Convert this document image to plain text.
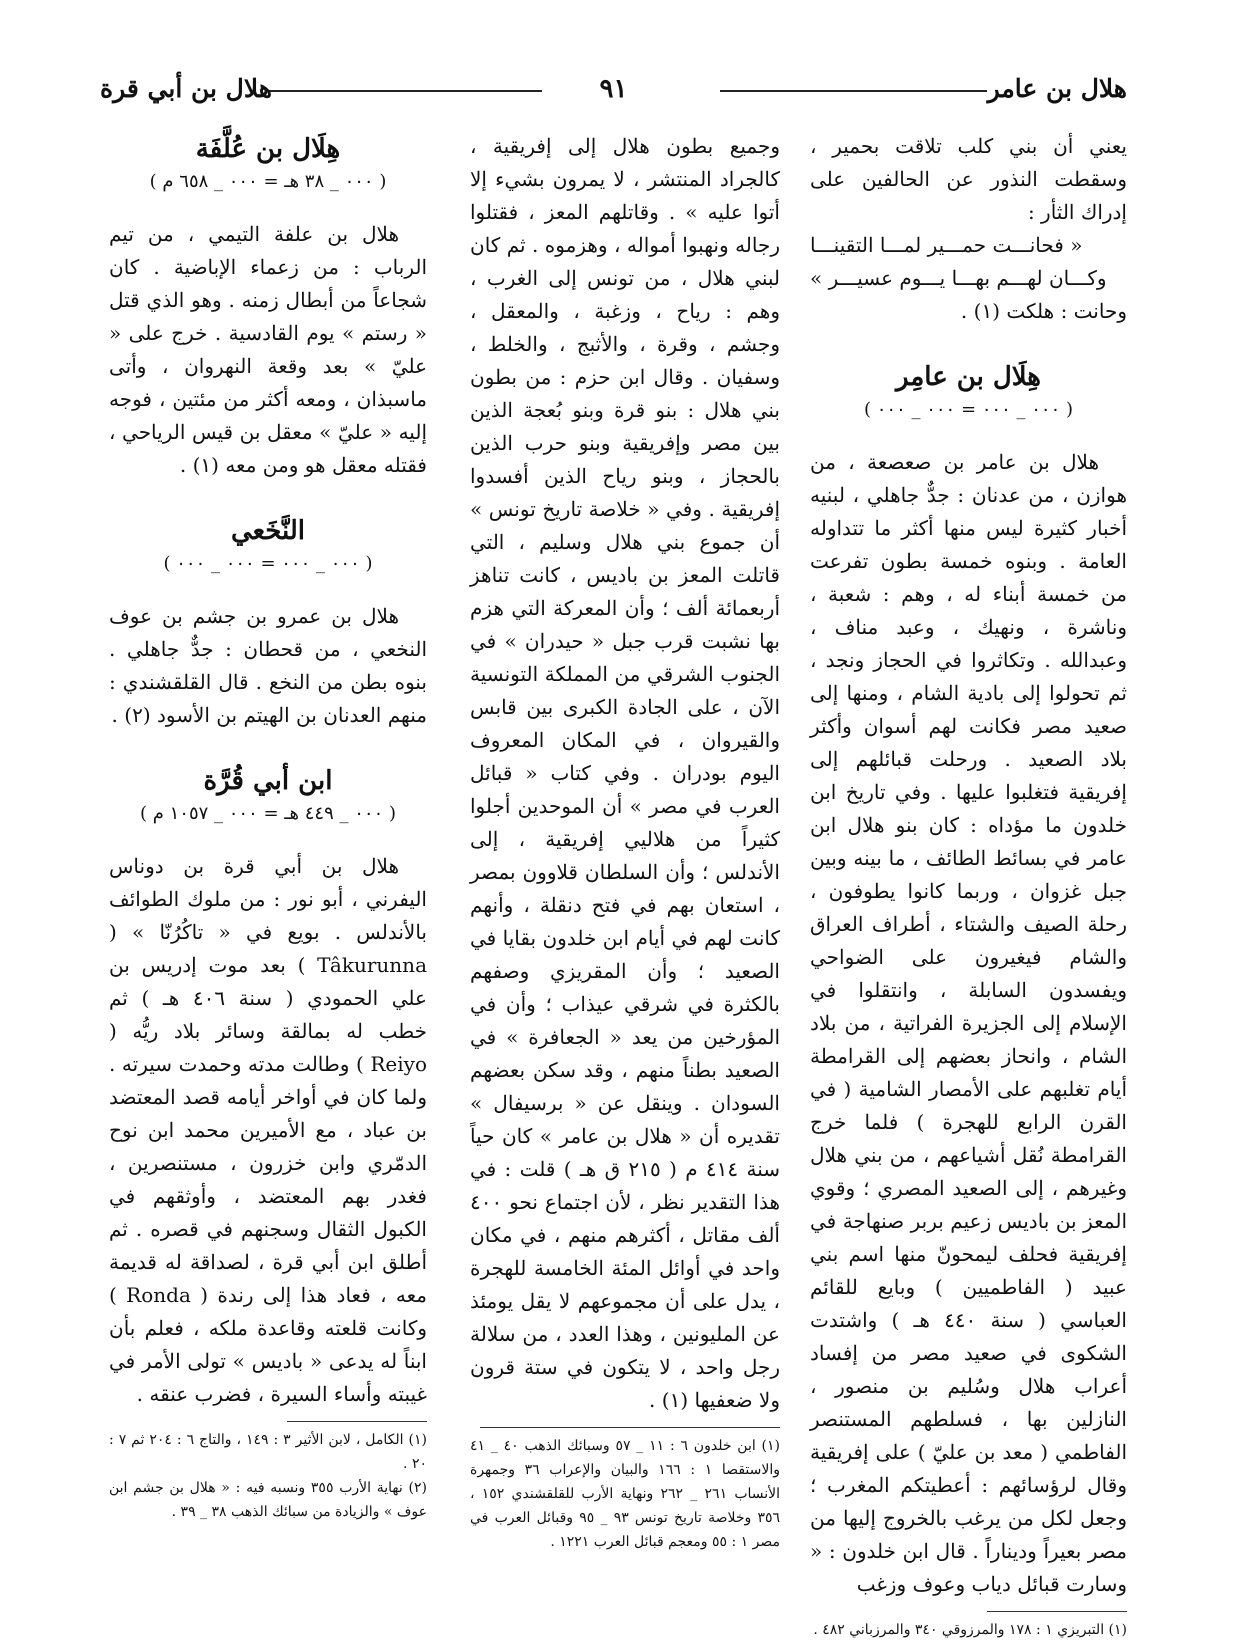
هلال بن عامر
٩١
هلال بن أبي قرة

يعني أن بني كلب تلاقت بحمير ، وسقطت النذور عن الحالفين على إدراك الثأر :

« فحانـــت حمـــير لمـــا التقينـــا
وكـــان لهـــم بهـــا يـــوم عسيـــر »

وحانت : هلكت (١) .

هِلَال بن عامِر
( ٠٠٠ _ ٠٠٠ = ٠٠٠ _ ٠٠٠ )

هلال بن عامر بن صعصعة ، من هوازن ، من عدنان : جدٌّ جاهلي ، لبنيه أخبار كثيرة ليس منها أكثر ما تتداوله العامة . وبنوه خمسة بطون تفرعت من خمسة أبناء له ، وهم : شعبة ، وناشرة ، ونهيك ، وعبد مناف ، وعبدالله . وتكاثروا في الحجاز ونجد ، ثم تحولوا إلى بادية الشام ، ومنها إلى صعيد مصر فكانت لهم أسوان وأكثر بلاد الصعيد . ورحلت قبائلهم إلى إفريقية فتغلبوا عليها . وفي تاريخ ابن خلدون ما مؤداه : كان بنو هلال ابن عامر في بسائط الطائف ، ما بينه وبين جبل غزوان ، وربما كانوا يطوفون ، رحلة الصيف والشتاء ، أطراف العراق والشام فيغيرون على الضواحي ويفسدون السابلة ، وانتقلوا في الإسلام إلى الجزيرة الفراتية ، من بلاد الشام ، وانحاز بعضهم إلى القرامطة أيام تغلبهم على الأمصار الشامية ( في القرن الرابع للهجرة ) فلما خرج القرامطة نُقل أشياعهم ، من بني هلال وغيرهم ، إلى الصعيد المصري ؛ وقوي المعز بن باديس زعيم بربر صنهاجة في إفريقية فحلف ليمحونّ منها اسم بني عبيد ( الفاطميين ) وبايع للقائم العباسي ( سنة ٤٤٠ هـ ) واشتدت الشكوى في صعيد مصر من إفساد أعراب هلال وسُليم بن منصور ، النازلين بها ، فسلطهم المستنصر الفاطمي ( معد بن عليّ ) على إفريقية وقال لرؤسائهم : أعطيتكم المغرب ؛ وجعل لكل من يرغب بالخروج إليها من مصر بعيراً وديناراً . قال ابن خلدون : « وسارت قبائل دياب وعوف وزغب

(١) التبريزي ١ : ١٧٨ والمرزوقي ٣٤٠ والمرزباني ٤٨٢ .

وجميع بطون هلال إلى إفريقية ، كالجراد المنتشر ، لا يمرون بشيء إلا أتوا عليه » . وقاتلهم المعز ، فقتلوا رجاله ونهبوا أمواله ، وهزموه . ثم كان لبني هلال ، من تونس إلى الغرب ، وهم : رياح ، وزغبة ، والمعقل ، وجشم ، وقرة ، والأثبج ، والخلط ، وسفيان . وقال ابن حزم : من بطون بني هلال : بنو قرة وبنو بُعجة الذين بين مصر وإفريقية وبنو حرب الذين بالحجاز ، وبنو رياح الذين أفسدوا إفريقية . وفي « خلاصة تاريخ تونس » أن جموع بني هلال وسليم ، التي قاتلت المعز بن باديس ، كانت تناهز أربعمائة ألف ؛ وأن المعركة التي هزم بها نشبت قرب جبل « حيدران » في الجنوب الشرقي من المملكة التونسية الآن ، على الجادة الكبرى بين قابس والقيروان ، في المكان المعروف اليوم بودران . وفي كتاب « قبائل العرب في مصر » أن الموحدين أجلوا كثيراً من هلاليي إفريقية ، إلى الأندلس ؛ وأن السلطان قلاوون بمصر ، استعان بهم في فتح دنقلة ، وأنهم كانت لهم في أيام ابن خلدون بقايا في الصعيد ؛ وأن المقريزي وصفهم بالكثرة في شرقي عيذاب ؛ وأن في المؤرخين من يعد « الجعافرة » في الصعيد بطناً منهم ، وقد سكن بعضهم السودان . وينقل عن « برسيفال » تقديره أن « هلال بن عامر » كان حياً سنة ٤١٤ م ( ٢١٥ ق هـ ) قلت : في هذا التقدير نظر ، لأن اجتماع نحو ٤٠٠ ألف مقاتل ، أكثرهم منهم ، في مكان واحد في أوائل المئة الخامسة للهجرة ، يدل على أن مجموعهم لا يقل يومئذ عن المليونين ، وهذا العدد ، من سلالة رجل واحد ، لا يتكون في ستة قرون ولا ضعفيها (١) .

(١) ابن خلدون ٦ : ١١ _ ٥٧ وسبائك الذهب ٤٠ _ ٤١ والاستقصا ١ : ١٦٦ والبيان والإعراب ٣٦ وجمهرة الأنساب ٢٦١ _ ٢٦٢ ونهاية الأرب للقلقشندي ١٥٢ ، ٣٥٦ وخلاصة تاريخ تونس ٩٣ _ ٩٥ وقبائل العرب في مصر ١ : ٥٥ ومعجم قبائل العرب ١٢٢١ .

هِلَال بن عُلَّفَة
( ٠٠٠ _ ٣٨ هـ = ٠٠٠ _ ٦٥٨ م )

هلال بن علفة التيمي ، من تيم الرباب : من زعماء الإباضية . كان شجاعاً من أبطال زمنه . وهو الذي قتل « رستم » يوم القادسية . خرج على « عليّ » بعد وقعة النهروان ، وأتى ماسبذان ، ومعه أكثر من مئتين ، فوجه إليه « عليّ » معقل بن قيس الرياحي ، فقتله معقل هو ومن معه (١) .

النَّخَعي
( ٠٠٠ _ ٠٠٠ = ٠٠٠ _ ٠٠٠ )

هلال بن عمرو بن جشم بن عوف النخعي ، من قحطان : جدٌّ جاهلي . بنوه بطن من النخع . قال القلقشندي : منهم العدنان بن الهيتم بن الأسود (٢) .

ابن أبي قُرَّة
( ٠٠٠ _ ٤٤٩ هـ = ٠٠٠ _ ١٠٥٧ م )

هلال بن أبي قرة بن دوناس اليفرني ، أبو نور : من ملوك الطوائف بالأندلس . بويع في « تاكُرُنّا » ( Tâkurunna ) بعد موت إدريس بن علي الحمودي ( سنة ٤٠٦ هـ ) ثم خطب له بمالقة وسائر بلاد ريُّه ( Reiyo ) وطالت مدته وحمدت سيرته . ولما كان في أواخر أيامه قصد المعتضد بن عباد ، مع الأميرين محمد ابن نوح الدمّري وابن خزرون ، مستنصرين ، فغدر بهم المعتضد ، وأوثقهم في الكبول الثقال وسجنهم في قصره . ثم أطلق ابن أبي قرة ، لصداقة له قديمة معه ، فعاد هذا إلى رندة ( Ronda ) وكانت قلعته وقاعدة ملكه ، فعلم بأن ابناً له يدعى « باديس » تولى الأمر في غيبته وأساء السيرة ، فضرب عنقه .

(١) الكامل ، لابن الأثير ٣ : ١٤٩ ، والتاج ٦ : ٢٠٤ ثم ٧ : ٢٠ .

(٢) نهاية الأرب ٣٥٥ ونسبه فيه : « هلال بن جشم ابن عوف » والزيادة من سبائك الذهب ٣٨ _ ٣٩ .
